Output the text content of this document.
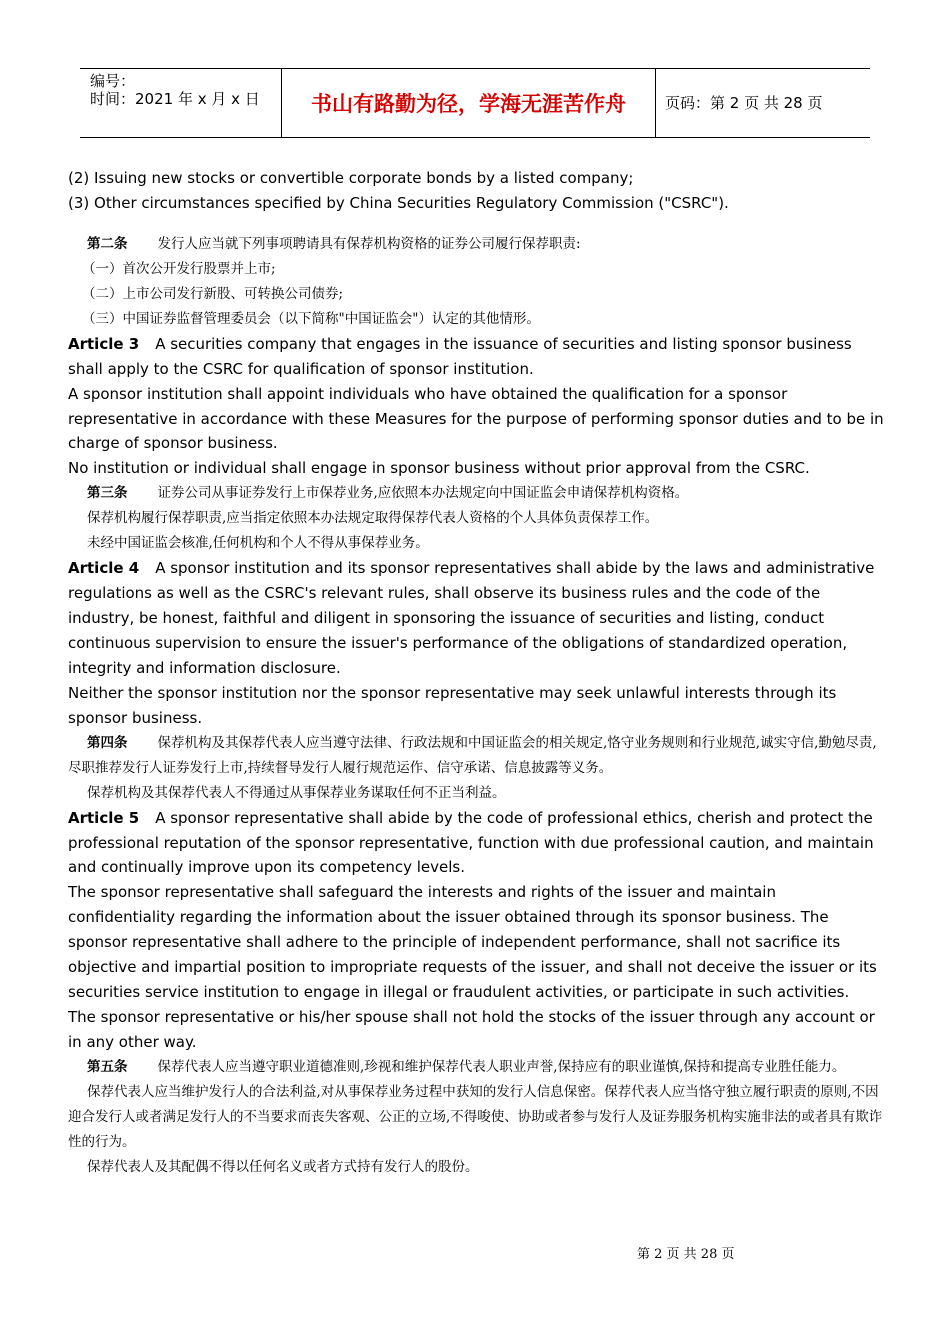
编号：
时间：2021 年 x 月 x 日	书山有路勤为径，学海无涯苦作舟	页码：第 2 页 共 28 页

(2) Issuing new stocks or convertible corporate bonds by a listed company;

(3) Other circumstances specified by China Securities Regulatory Commission ("CSRC").

第二条 发行人应当就下列事项聘请具有保荐机构资格的证券公司履行保荐职责:

（一）首次公开发行股票并上市;

（二）上市公司发行新股、可转换公司债券;

（三）中国证券监督管理委员会（以下简称"中国证监会"）认定的其他情形。

Article 3 A securities company that engages in the issuance of securities and listing sponsor business shall apply to the CSRC for qualification of sponsor institution.

A sponsor institution shall appoint individuals who have obtained the qualification for a sponsor representative in accordance with these Measures for the purpose of performing sponsor duties and to be in charge of sponsor business.

No institution or individual shall engage in sponsor business without prior approval from the CSRC.

第三条 证券公司从事证券发行上市保荐业务,应依照本办法规定向中国证监会申请保荐机构资格。

保荐机构履行保荐职责,应当指定依照本办法规定取得保荐代表人资格的个人具体负责保荐工作。

未经中国证监会核准,任何机构和个人不得从事保荐业务。

Article 4 A sponsor institution and its sponsor representatives shall abide by the laws and administrative regulations as well as the CSRC's relevant rules, shall observe its business rules and the code of the industry, be honest, faithful and diligent in sponsoring the issuance of securities and listing, conduct continuous supervision to ensure the issuer's performance of the obligations of standardized operation, integrity and information disclosure.

Neither the sponsor institution nor the sponsor representative may seek unlawful interests through its sponsor business.

第四条 保荐机构及其保荐代表人应当遵守法律、行政法规和中国证监会的相关规定,恪守业务规则和行业规范,诚实守信,勤勉尽责,尽职推荐发行人证券发行上市,持续督导发行人履行规范运作、信守承诺、信息披露等义务。

保荐机构及其保荐代表人不得通过从事保荐业务谋取任何不正当利益。

Article 5 A sponsor representative shall abide by the code of professional ethics, cherish and protect the professional reputation of the sponsor representative, function with due professional caution, and maintain and continually improve upon its competency levels.

The sponsor representative shall safeguard the interests and rights of the issuer and maintain confidentiality regarding the information about the issuer obtained through its sponsor business. The sponsor representative shall adhere to the principle of independent performance, shall not sacrifice its objective and impartial position to impropriate requests of the issuer, and shall not deceive the issuer or its securities service institution to engage in illegal or fraudulent activities, or participate in such activities.

The sponsor representative or his/her spouse shall not hold the stocks of the issuer through any account or in any other way.

第五条 保荐代表人应当遵守职业道德准则,珍视和维护保荐代表人职业声誉,保持应有的职业谨慎,保持和提高专业胜任能力。

保荐代表人应当维护发行人的合法利益,对从事保荐业务过程中获知的发行人信息保密。保荐代表人应当恪守独立履行职责的原则,不因迎合发行人或者满足发行人的不当要求而丧失客观、公正的立场,不得唆使、协助或者参与发行人及证券服务机构实施非法的或者具有欺诈性的行为。

保荐代表人及其配偶不得以任何名义或者方式持有发行人的股份。

第 2 页 共 28 页
